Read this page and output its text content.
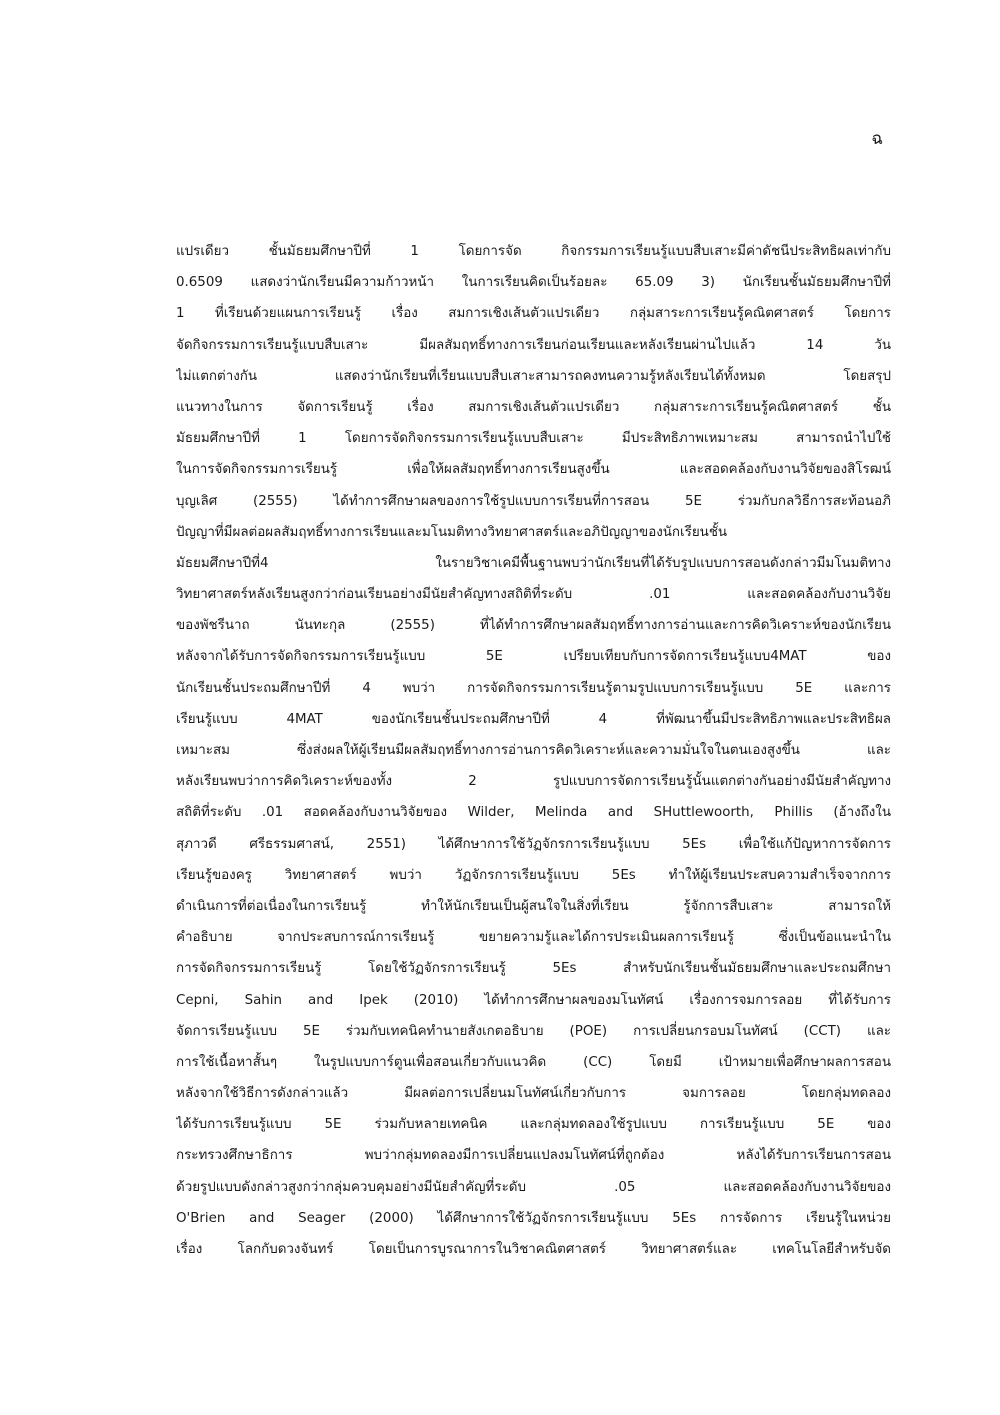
ฉ
แปรเดียว ชั้นมัธยมศึกษาปีที่ 1 โดยการจัด กิจกรรมการเรียนรู้แบบสืบเสาะมีค่าดัชนีประสิทธิผลเท่ากับ
0.6509 แสดงว่านักเรียนมีความก้าวหน้า ในการเรียนคิดเป็นร้อยละ 65.09 3) นักเรียนชั้นมัธยมศึกษาปีที่
1 ที่เรียนด้วยแผนการเรียนรู้ เรื่อง สมการเชิงเส้นตัวแปรเดียว กลุ่มสาระการเรียนรู้คณิตศาสตร์ โดยการ
จัดกิจกรรมการเรียนรู้แบบสืบเสาะ มีผลสัมฤทธิ์ทางการเรียนก่อนเรียนและหลังเรียนผ่านไปแล้ว 14 วัน
ไม่แตกต่างกัน แสดงว่านักเรียนที่เรียนแบบสืบเสาะสามารถคงทนความรู้หลังเรียนได้ทั้งหมด โดยสรุป
แนวทางในการ จัดการเรียนรู้ เรื่อง สมการเชิงเส้นตัวแปรเดียว กลุ่มสาระการเรียนรู้คณิตศาสตร์ ชั้น
มัธยมศึกษาปีที่ 1 โดยการจัดกิจกรรมการเรียนรู้แบบสืบเสาะ มีประสิทธิภาพเหมาะสม สามารถนำไปใช้
ในการจัดกิจกรรมการเรียนรู้ เพื่อให้ผลสัมฤทธิ์ทางการเรียนสูงขึ้น และสอดคล้องกับงานวิจัยของสิโรฒน์
บุญเลิศ (2555) ได้ทำการศึกษาผลของการใช้รูปแบบการเรียนที่การสอน 5E ร่วมกับกลวิธีการสะท้อนอภิ
ปัญญาที่มีผลต่อผลสัมฤทธิ์ทางการเรียนและมโนมติทางวิทยาศาสตร์และอภิปัญญาของนักเรียนชั้น
มัธยมศึกษาปีที่4 ในรายวิชาเคมีพื้นฐานพบว่านักเรียนที่ได้รับรูปแบบการสอนดังกล่าวมีมโนมติทาง
วิทยาศาสตร์หลังเรียนสูงกว่าก่อนเรียนอย่างมีนัยสำคัญทางสถิติที่ระดับ .01 และสอดคล้องกับงานวิจัย
ของพัชรีนาถ นันทะกุล (2555) ที่ได้ทำการศึกษาผลสัมฤทธิ์ทางการอ่านและการคิดวิเคราะห์ของนักเรียน
หลังจากได้รับการจัดกิจกรรมการเรียนรู้แบบ 5E เปรียบเทียบกับการจัดการเรียนรู้แบบ4MAT ของ
นักเรียนชั้นประถมศึกษาปีที่ 4 พบว่า การจัดกิจกรรมการเรียนรู้ตามรูปแบบการเรียนรู้แบบ 5E และการ
เรียนรู้แบบ 4MAT ของนักเรียนชั้นประถมศึกษาปีที่ 4 ที่พัฒนาขึ้นมีประสิทธิภาพและประสิทธิผล
เหมาะสม ซึ่งส่งผลให้ผู้เรียนมีผลสัมฤทธิ์ทางการอ่านการคิดวิเคราะห์และความมั่นใจในตนเองสูงขึ้น และ
หลังเรียนพบว่าการคิดวิเคราะห์ของทั้ง 2 รูปแบบการจัดการเรียนรู้นั้นแตกต่างกันอย่างมีนัยสำคัญทาง
สถิติที่ระดับ .01 สอดคล้องกับงานวิจัยของ Wilder, Melinda and SHuttlewoorth, Phillis (อ้างถึงใน
สุภาวดี ศรีธรรมศาสน์, 2551) ได้ศึกษาการใช้วัฏจักรการเรียนรู้แบบ 5Es เพื่อใช้แก้ปัญหาการจัดการ
เรียนรู้ของครู วิทยาศาสตร์ พบว่า วัฏจักรการเรียนรู้แบบ 5Es ทำให้ผู้เรียนประสบความสำเร็จจากการ
ดำเนินการที่ต่อเนื่องในการเรียนรู้ ทำให้นักเรียนเป็นผู้สนใจในสิ่งที่เรียน รู้จักการสืบเสาะ สามารถให้
คำอธิบาย จากประสบการณ์การเรียนรู้ ขยายความรู้และได้การประเมินผลการเรียนรู้ ซึ่งเป็นข้อแนะนำใน
การจัดกิจกรรมการเรียนรู้ โดยใช้วัฏจักรการเรียนรู้ 5Es สำหรับนักเรียนชั้นมัธยมศึกษาและประถมศึกษา
Cepni, Sahin and Ipek (2010) ได้ทำการศึกษาผลของมโนทัศน์ เรื่องการจมการลอย ที่ได้รับการ
จัดการเรียนรู้แบบ 5E ร่วมกับเทคนิคทำนายสังเกตอธิบาย (POE) การเปลี่ยนกรอบมโนทัศน์ (CCT) และ
การใช้เนื้อหาสั้นๆ ในรูปแบบการ์ตูนเพื่อสอนเกี่ยวกับแนวคิด (CC) โดยมี เป้าหมายเพื่อศึกษาผลการสอน
หลังจากใช้วิธีการดังกล่าวแล้ว มีผลต่อการเปลี่ยนมโนทัศน์เกี่ยวกับการ จมการลอย โดยกลุ่มทดลอง
ได้รับการเรียนรู้แบบ 5E ร่วมกับหลายเทคนิค และกลุ่มทดลองใช้รูปแบบ การเรียนรู้แบบ 5E ของ
กระทรวงศึกษาธิการ พบว่ากลุ่มทดลองมีการเปลี่ยนแปลงมโนทัศน์ที่ถูกต้อง หลังได้รับการเรียนการสอน
ด้วยรูปแบบดังกล่าวสูงกว่ากลุ่มควบคุมอย่างมีนัยสำคัญที่ระดับ .05 และสอดคล้องกับงานวิจัยของ
O'Brien and Seager (2000) ได้ศึกษาการใช้วัฏจักรการเรียนรู้แบบ 5Es การจัดการ เรียนรู้ในหน่วย
เรื่อง โลกกับดวงจันทร์ โดยเป็นการบูรณาการในวิชาคณิตศาสตร์ วิทยาศาสตร์และ เทคโนโลยีสำหรับจัด
